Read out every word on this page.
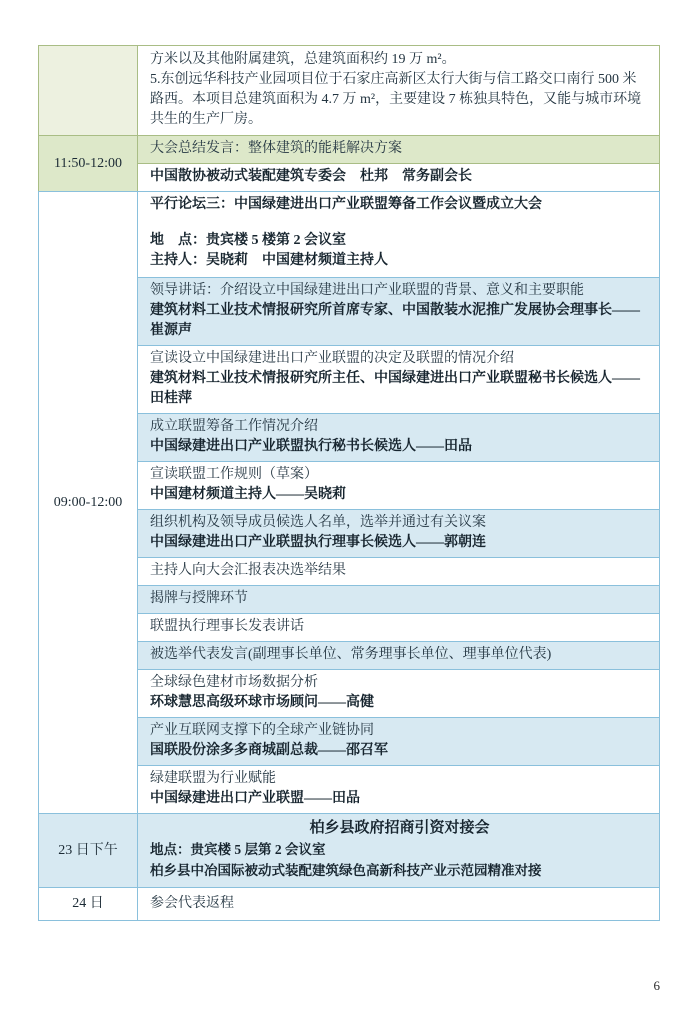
方米以及其他附属建筑，总建筑面积约 19 万 m²。

5.东创远华科技产业园项目位于石家庄高新区太行大街与信工路交口南行 500 米路西。本项目总建筑面积为 4.7 万 m²，主要建设 7 栋独具特色，又能与城市环境共生的生产厂房。

11:50-12:00
大会总结发言：整体建筑的能耗解决方案
中国散协被动式装配建筑专委会　杜邦　常务副会长
09:00-12:00
平行论坛三：中国绿建进出口产业联盟筹备工作会议暨成立大会
地　点：贵宾楼 5 楼第 2 会议室
主持人：吴晓莉　中国建材频道主持人
领导讲话：介绍设立中国绿建进出口产业联盟的背景、意义和主要职能
建筑材料工业技术情报研究所首席专家、中国散装水泥推广发展协会理事长——崔源声
宣读设立中国绿建进出口产业联盟的决定及联盟的情况介绍
建筑材料工业技术情报研究所主任、中国绿建进出口产业联盟秘书长候选人——田桂萍
成立联盟筹备工作情况介绍
中国绿建进出口产业联盟执行秘书长候选人——田品
宣读联盟工作规则（草案）
中国建材频道主持人——吴晓莉
组织机构及领导成员候选人名单，选举并通过有关议案
中国绿建进出口产业联盟执行理事长候选人——郭朝连
主持人向大会汇报表决选举结果
揭牌与授牌环节
联盟执行理事长发表讲话
被选举代表发言(副理事长单位、常务理事长单位、理事单位代表)
全球绿色建材市场数据分析
环球慧思高级环球市场顾问——高健
产业互联网支撑下的全球产业链协同
国联股份涂多多商城副总裁——邵召军
绿建联盟为行业赋能
中国绿建进出口产业联盟——田品
23 日下午
柏乡县政府招商引资对接会
地点：贵宾楼 5 层第 2 会议室
柏乡县中冶国际被动式装配建筑绿色高新科技产业示范园精准对接
24 日	参会代表返程
6
